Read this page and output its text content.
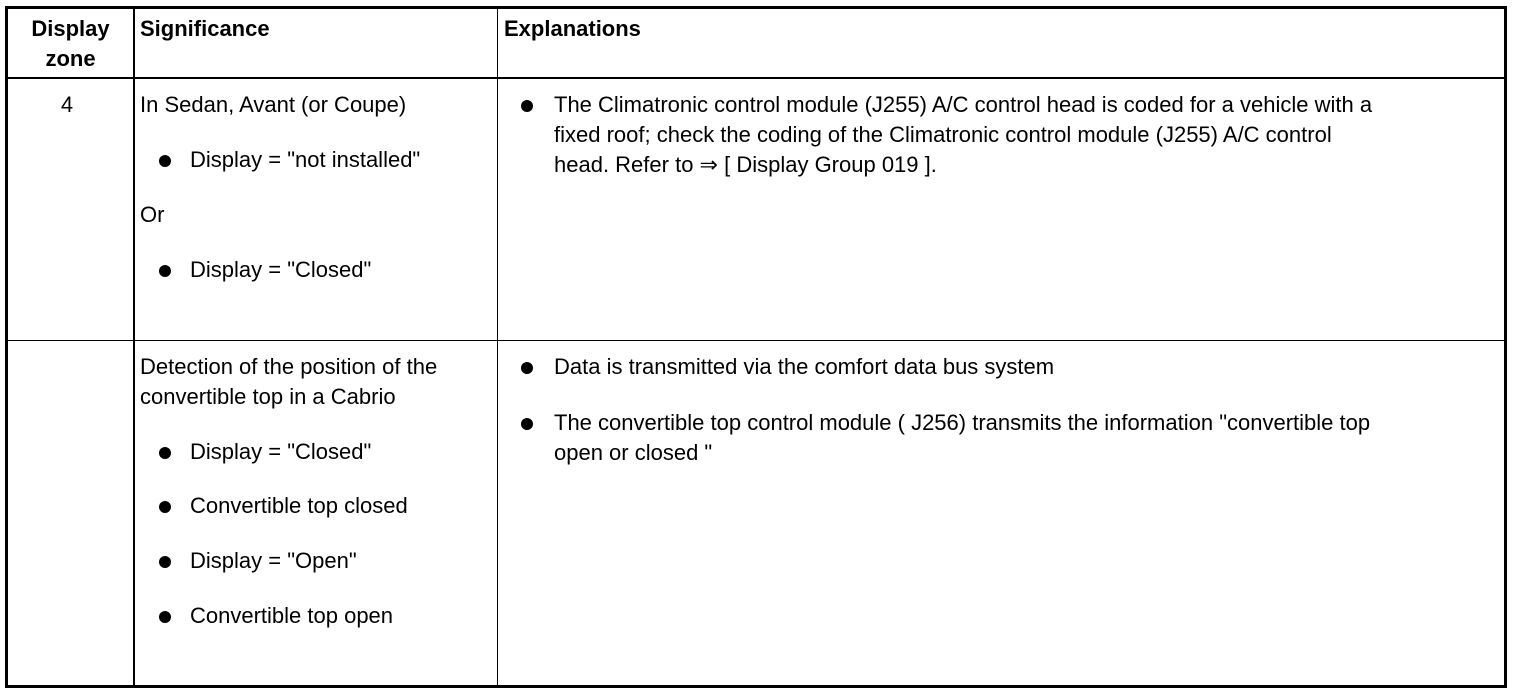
Display
zone
Significance	Explanations
4	In Sedan, Avant (or Coupe)
Display = "not installed"
Or
Display = "Closed"
The Climatronic control module (J255) A/C control head is coded for a vehicle with a
fixed roof; check the coding of the Climatronic control module (J255) A/C control
head. Refer to ⇒ [ Display Group 019 ].
Detection of the position of the
convertible top in a Cabrio
Display = "Closed"
Convertible top closed
Display = "Open"
Convertible top open
Data is transmitted via the comfort data bus system
The convertible top control module ( J256) transmits the information "convertible top
open or closed "
